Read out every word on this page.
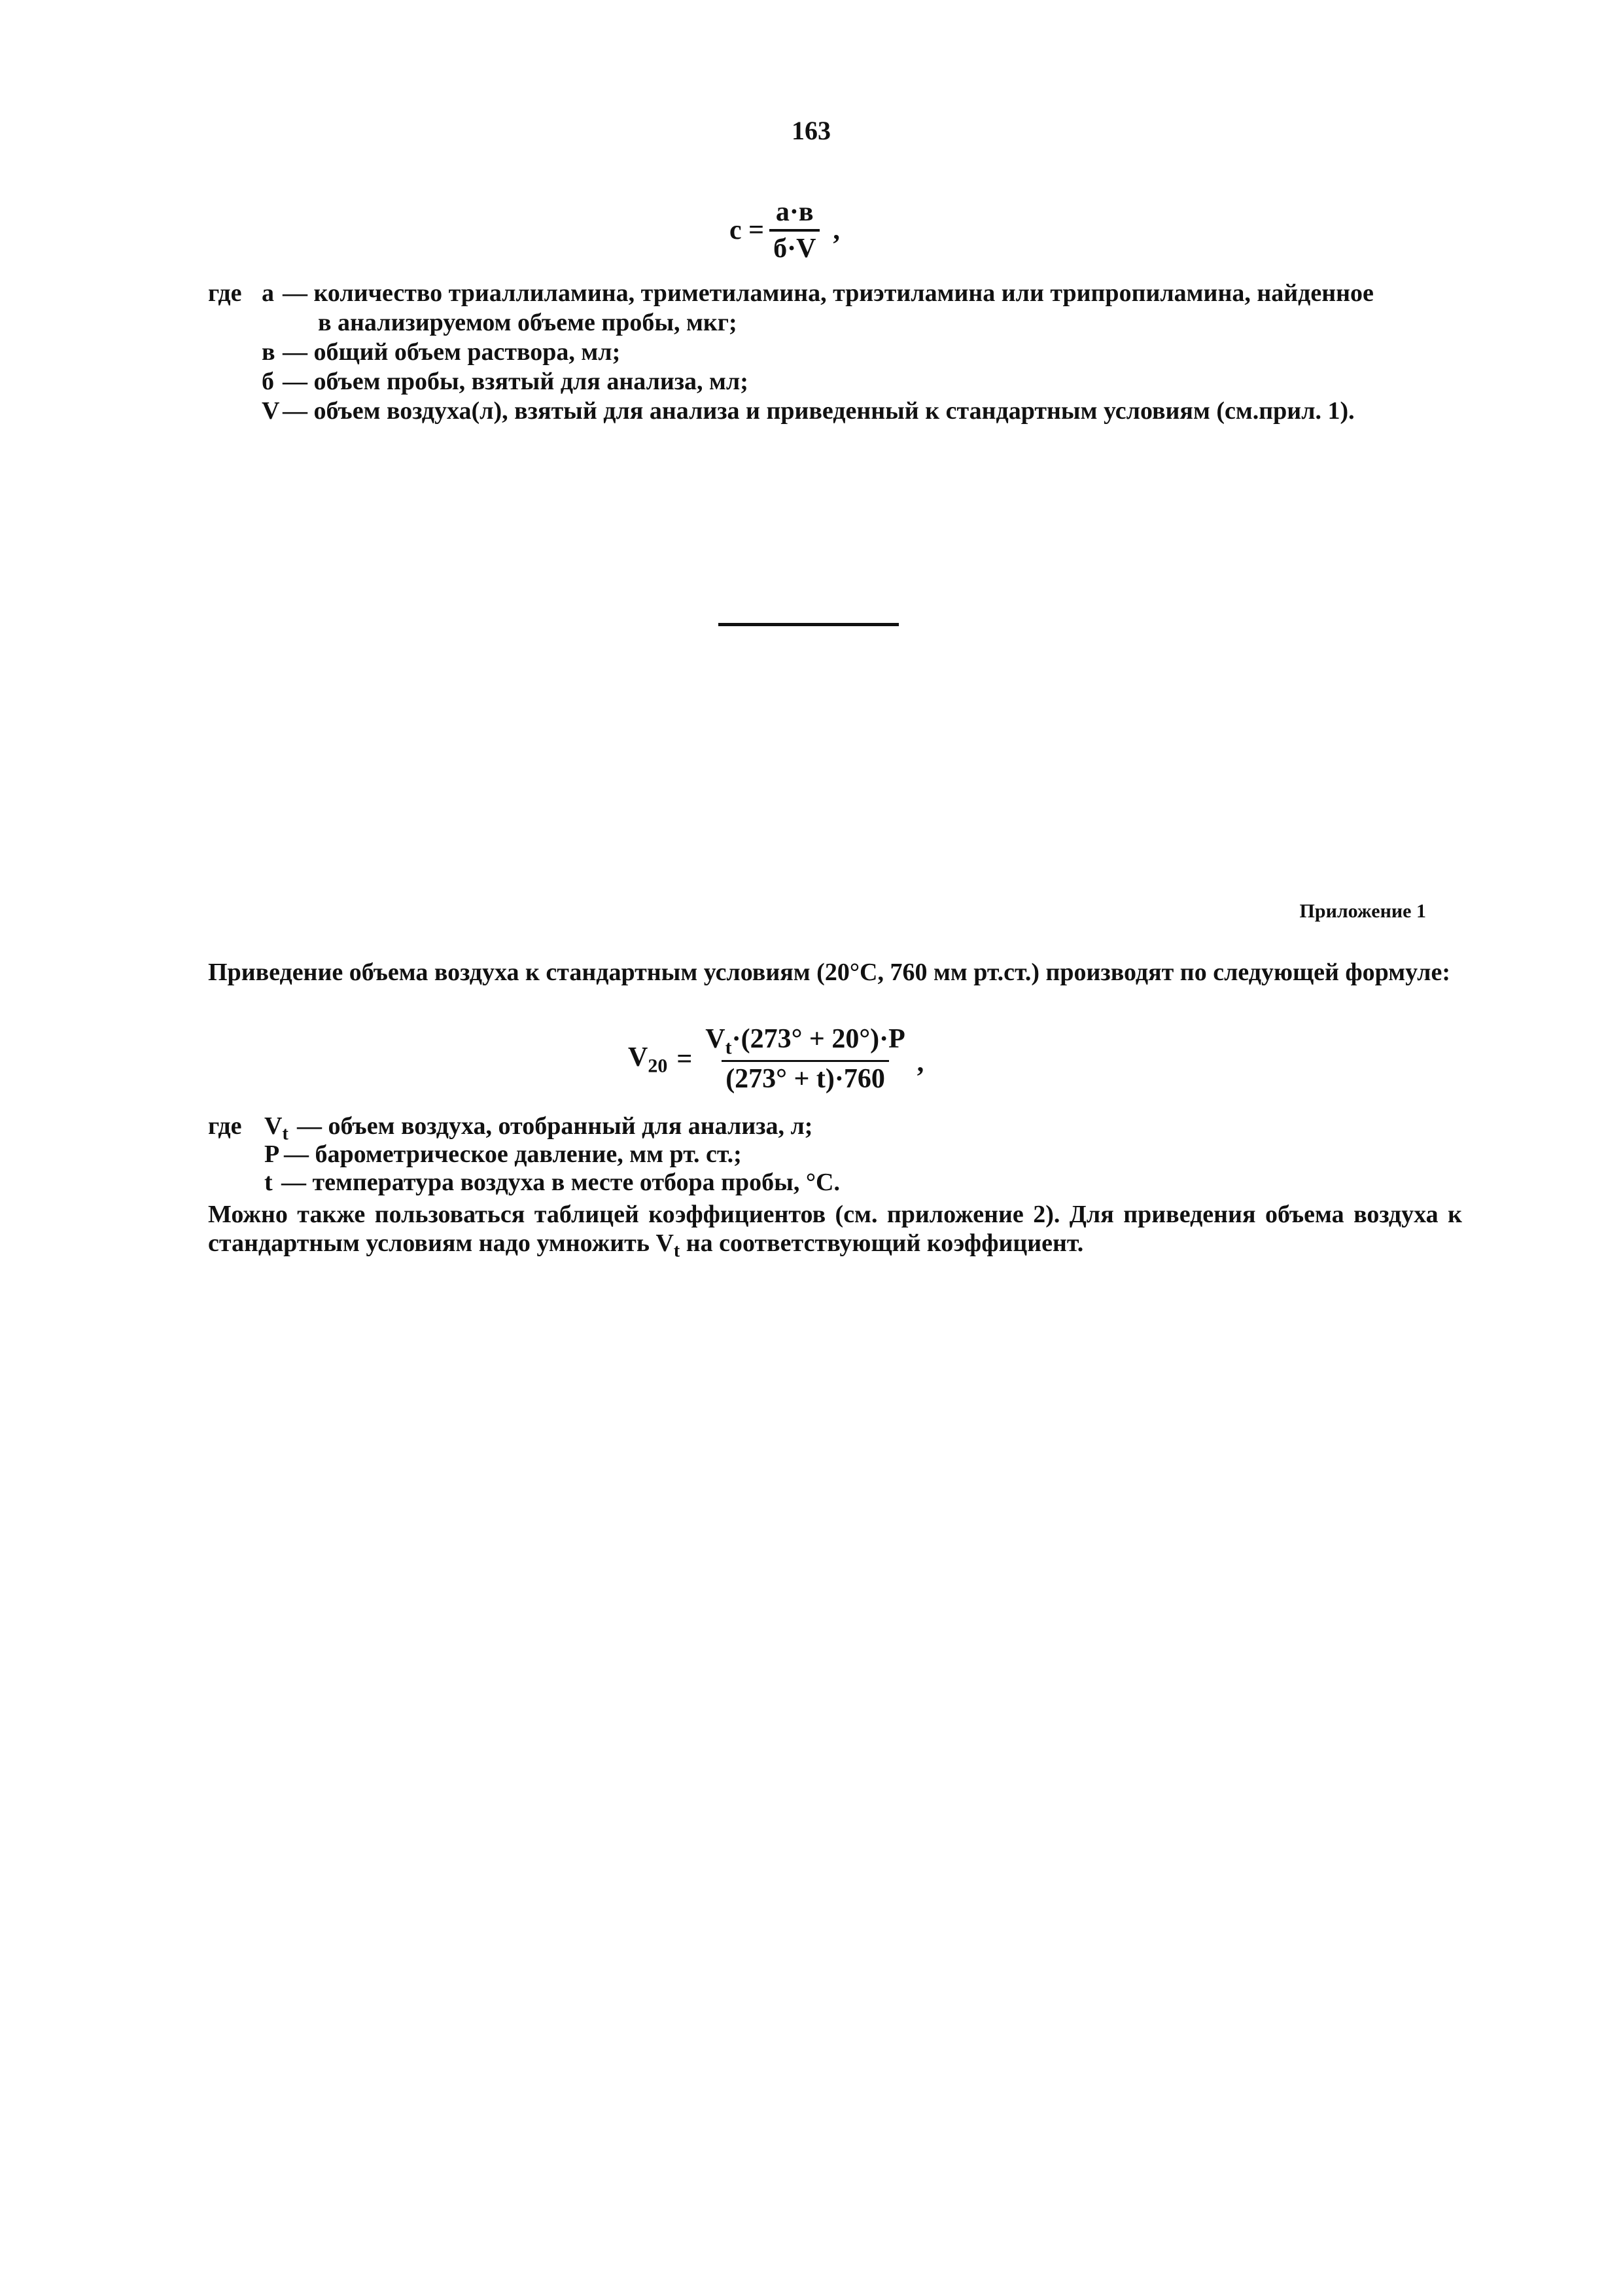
163
$c = \frac{а\cdot в}{б\cdot V}$ ,
где а — количество триаллиламина, триметиламина, триэтиламина или трипропиламина, найденное
в анализируемом объеме пробы, мкг;
в — общий объем раствора, мл;
б — объем пробы, взятый для анализа, мл;
V — объем воздуха(л), взятый для анализа и приведенный к стандартным условиям (см.прил. 1).
Приложение 1
Приведение объема воздуха к стандартным условиям (20°С, 760 мм рт.ст.) производят по следующей формуле:
$V_{20} = \frac{V_t\cdot(273^\circ + 20^\circ)\cdot P}{(273^\circ + t)\cdot 760}$ ,
где $V_t$ — объем воздуха, отобранный для анализа, л;
P — барометрическое давление, мм рт. ст.;
t — температура воздуха в месте отбора пробы, °С.
Можно также пользоваться таблицей коэффициентов (см. приложение 2). Для приведения объема воздуха к стандартным условиям надо умножить $V_t$ на соответствующий коэффициент.
